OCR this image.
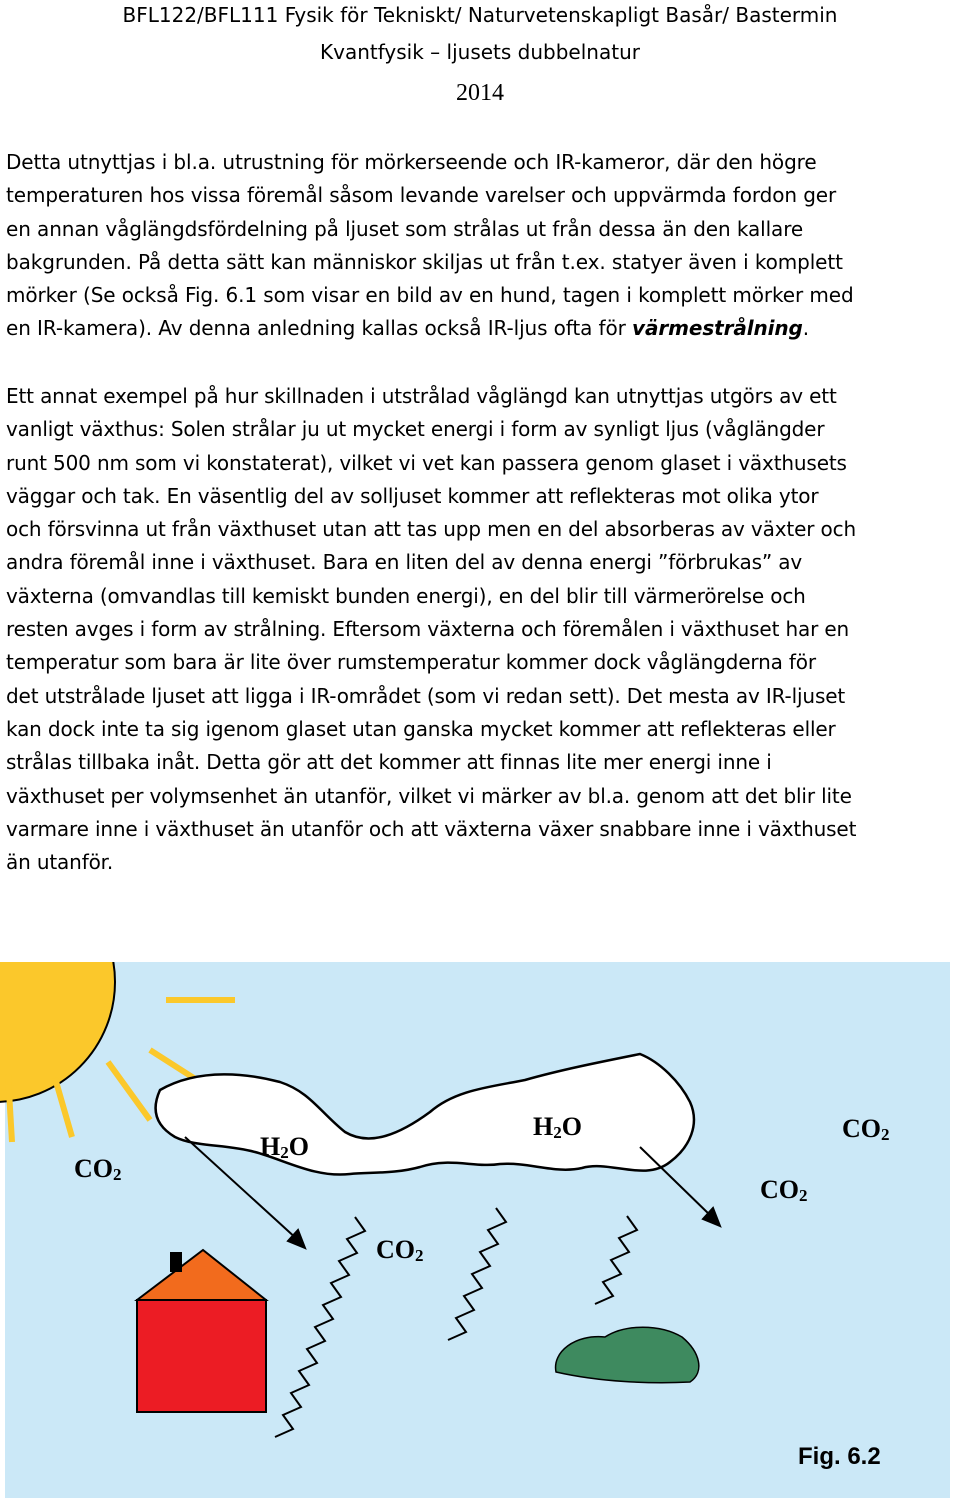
BFL122/BFL111 Fysik för Tekniskt/ Naturvetenskapligt Basår/ Bastermin
Kvantfysik – ljusets dubbelnatur
2014
Detta utnyttjas i bl.a. utrustning för mörkerseende och IR-kameror, där den högre
temperaturen hos vissa föremål såsom levande varelser och uppvärmda fordon ger
en annan våglängdsfördelning på ljuset som strålas ut från dessa än den kallare
bakgrunden. På detta sätt kan människor skiljas ut från t.ex. statyer även i komplett
mörker (Se också Fig. 6.1 som visar en bild av en hund, tagen i komplett mörker med
en IR-kamera). Av denna anledning kallas också IR-ljus ofta för värmestrålning.
Ett annat exempel på hur skillnaden i utstrålad våglängd kan utnyttjas utgörs av ett
vanligt växthus: Solen strålar ju ut mycket energi i form av synligt ljus (våglängder
runt 500 nm som vi konstaterat), vilket vi vet kan passera genom glaset i växthusets
väggar och tak. En väsentlig del av solljuset kommer att reflekteras mot olika ytor
och försvinna ut från växthuset utan att tas upp men en del absorberas av växter och
andra föremål inne i växthuset. Bara en liten del av denna energi ”förbrukas” av
växterna (omvandlas till kemiskt bunden energi), en del blir till värmerörelse och
resten avges i form av strålning. Eftersom växterna och föremålen i växthuset har en
temperatur som bara är lite över rumstemperatur kommer dock våglängderna för
det utstrålade ljuset att ligga i IR-området (som vi redan sett). Det mesta av IR-ljuset
kan dock inte ta sig igenom glaset utan ganska mycket kommer att reflekteras eller
strålas tillbaka inåt. Detta gör att det kommer att finnas lite mer energi inne i
växthuset per volymsenhet än utanför, vilket vi märker av bl.a. genom att det blir lite
varmare inne i växthuset än utanför och att växterna växer snabbare inne i växthuset
än utanför.
CO2
H2O
H2O	CO2
CO2
CO2
Fig. 6.2
